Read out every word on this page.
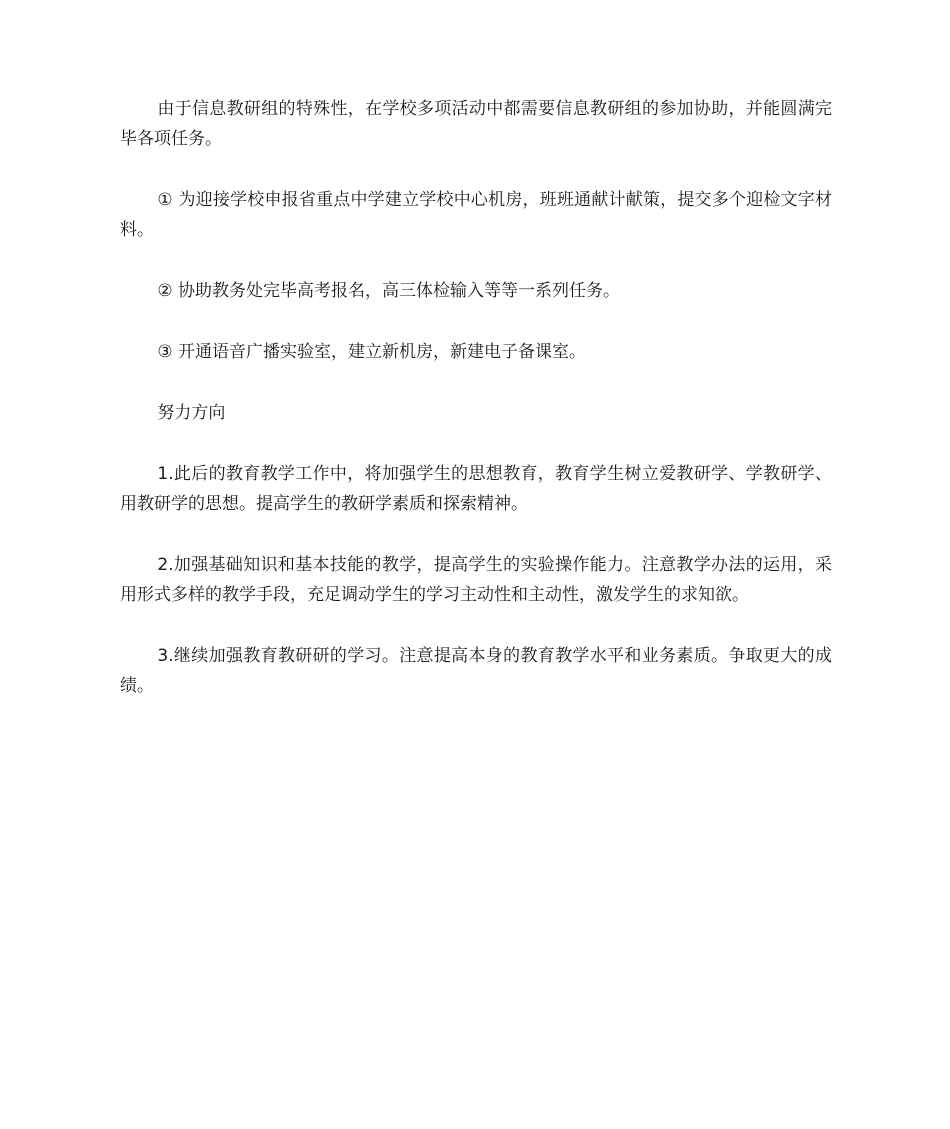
由于信息教研组的特殊性，在学校多项活动中都需要信息教研组的参加协助，并能圆满完毕各项任务。

① 为迎接学校申报省重点中学建立学校中心机房，班班通献计献策，提交多个迎检文字材料。

② 协助教务处完毕高考报名，高三体检输入等等一系列任务。

③ 开通语音广播实验室，建立新机房，新建电子备课室。

努力方向

1.此后的教育教学工作中，将加强学生的思想教育，教育学生树立爱教研学、学教研学、用教研学的思想。提高学生的教研学素质和探索精神。

2.加强基础知识和基本技能的教学，提高学生的实验操作能力。注意教学办法的运用，采用形式多样的教学手段，充足调动学生的学习主动性和主动性，激发学生的求知欲。

3.继续加强教育教研研的学习。注意提高本身的教育教学水平和业务素质。争取更大的成绩。
